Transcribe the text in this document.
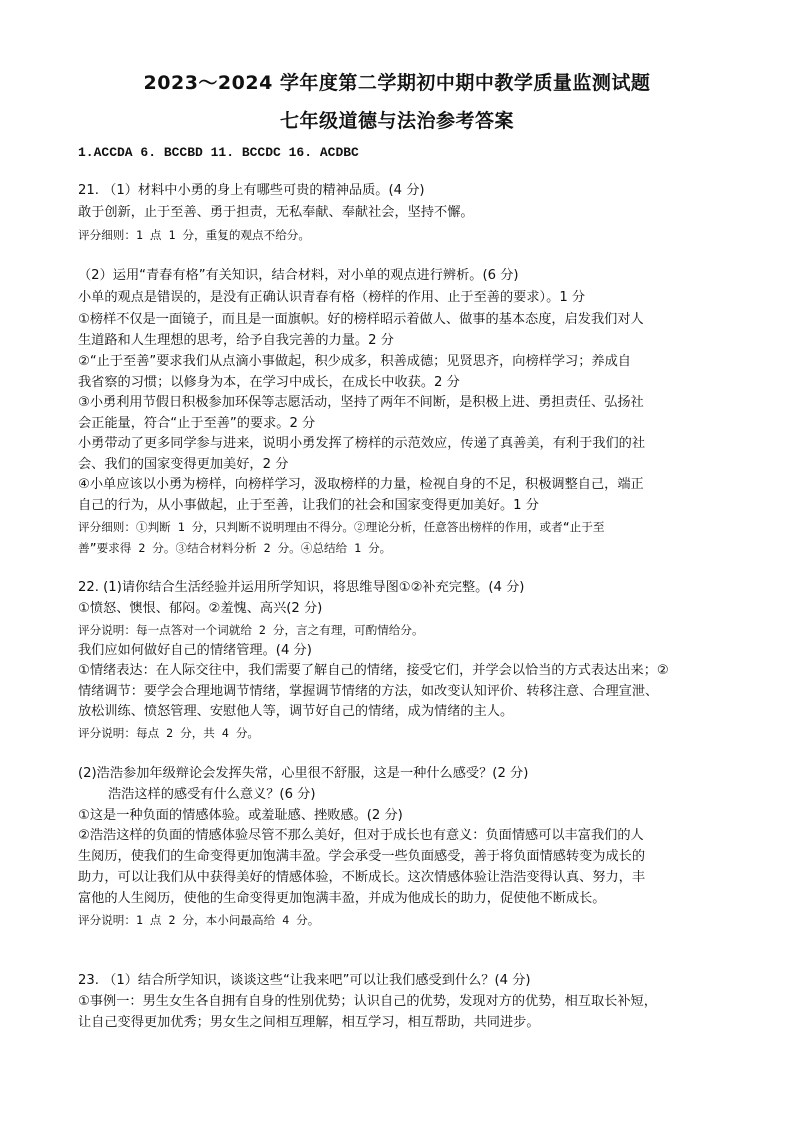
2023～2024 学年度第二学期初中期中教学质量监测试题
七年级道德与法治参考答案
1.ACCDA 6. BCCBD 11. BCCDC 16. ACDBC
21. （1）材料中小勇的身上有哪些可贵的精神品质。(4 分)
敢于创新，止于至善、勇于担责，无私奉献、奉献社会，坚持不懈。
评分细则：1 点 1 分，重复的观点不给分。
（2）运用“青春有格”有关知识，结合材料，对小单的观点进行辨析。(6 分)
小单的观点是错误的，是没有正确认识青春有格（榜样的作用、止于至善的要求）。1 分
①榜样不仅是一面镜子，而且是一面旗帜。好的榜样昭示着做人、做事的基本态度，启发我们对人
生道路和人生理想的思考，给予自我完善的力量。2 分
②“止于至善”要求我们从点滴小事做起，积少成多，积善成德；见贤思齐，向榜样学习；养成自
我省察的习惯；以修身为本，在学习中成长，在成长中收获。2 分
③小勇利用节假日积极参加环保等志愿活动，坚持了两年不间断，是积极上进、勇担责任、弘扬社
会正能量，符合“止于至善”的要求。2 分
小勇带动了更多同学参与进来，说明小勇发挥了榜样的示范效应，传递了真善美，有利于我们的社
会、我们的国家变得更加美好，2 分
④小单应该以小勇为榜样，向榜样学习，汲取榜样的力量，检视自身的不足，积极调整自己，端正
自己的行为，从小事做起，止于至善，让我们的社会和国家变得更加美好。1 分
评分细则：①判断 1 分，只判断不说明理由不得分。②理论分析，任意答出榜样的作用，或者“止于至
善”要求得 2 分。③结合材料分析 2 分。④总结给 1 分。
22. (1)请你结合生活经验并运用所学知识，将思维导图①②补充完整。(4 分)
①愤怒、懊恨、郁闷。②羞愧、高兴(2 分)
评分说明：每一点答对一个词就给 2 分，言之有理，可酌情给分。
我们应如何做好自己的情绪管理。(4 分)
①情绪表达：在人际交往中，我们需要了解自己的情绪，接受它们，并学会以恰当的方式表达出来；②
情绪调节：要学会合理地调节情绪，掌握调节情绪的方法，如改变认知评价、转移注意、合理宣泄、
放松训练、愤怒管理、安慰他人等，调节好自己的情绪，成为情绪的主人。
评分说明：每点 2 分，共 4 分。
(2)浩浩参加年级辩论会发挥失常，心里很不舒服，这是一种什么感受？(2 分)
浩浩这样的感受有什么意义？(6 分)
①这是一种负面的情感体验。或羞耻感、挫败感。(2 分)
②浩浩这样的负面的情感体验尽管不那么美好，但对于成长也有意义：负面情感可以丰富我们的人
生阅历，使我们的生命变得更加饱满丰盈。学会承受一些负面感受，善于将负面情感转变为成长的
助力，可以让我们从中获得美好的情感体验，不断成长。这次情感体验让浩浩变得认真、努力，丰
富他的人生阅历，使他的生命变得更加饱满丰盈，并成为他成长的助力，促使他不断成长。
评分说明：1 点 2 分，本小问最高给 4 分。
23. （1）结合所学知识，谈谈这些“让我来吧”可以让我们感受到什么？(4 分)
①事例一：男生女生各自拥有自身的性别优势；认识自己的优势，发现对方的优势，相互取长补短，
让自己变得更加优秀；男女生之间相互理解，相互学习，相互帮助，共同进步。
